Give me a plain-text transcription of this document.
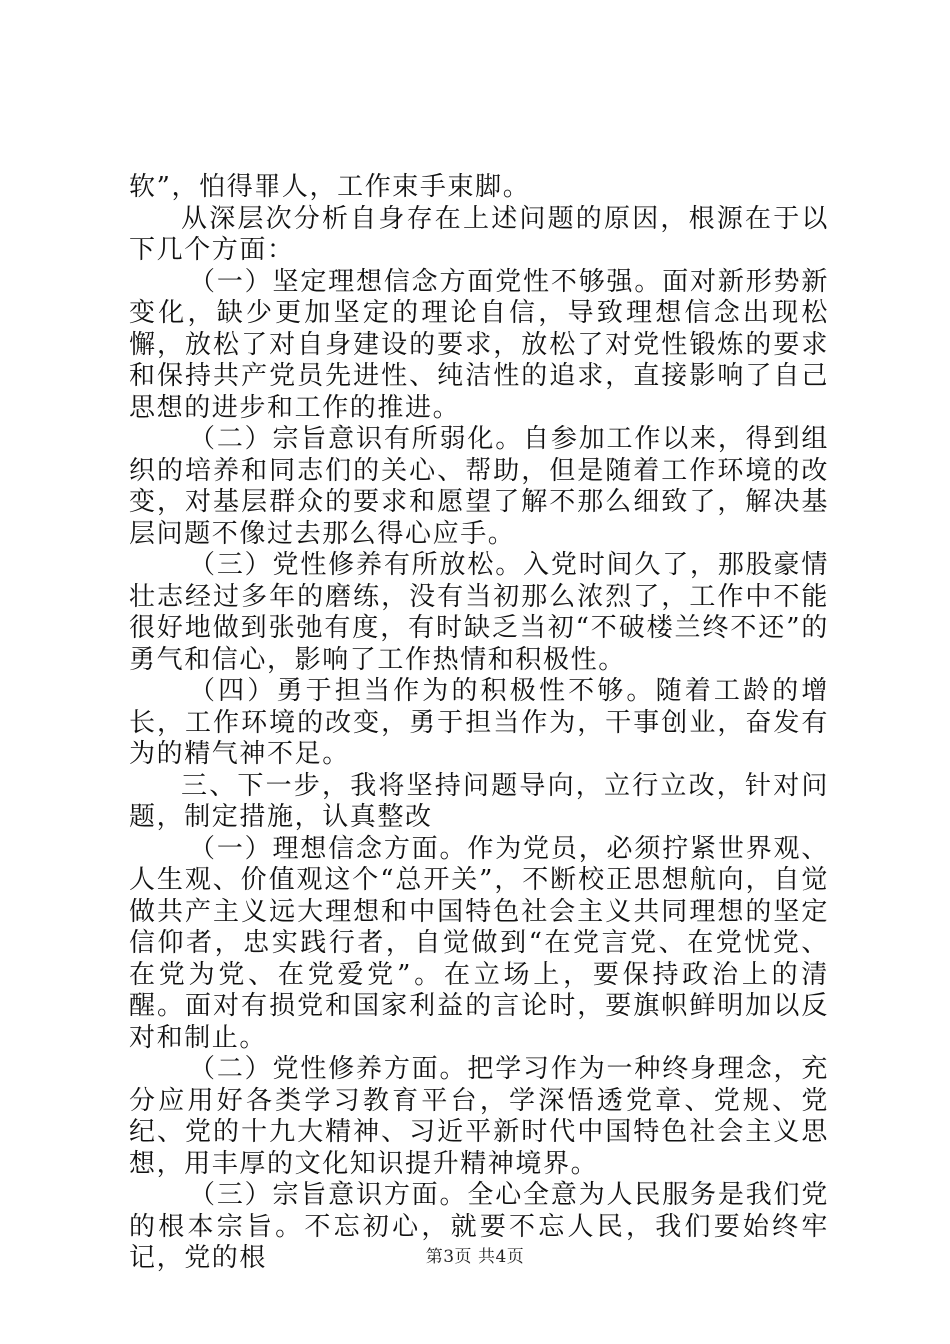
软”，怕得罪人，工作束手束脚。

从深层次分析自身存在上述问题的原因，根源在于以下几个方面：

（一）坚定理想信念方面党性不够强。面对新形势新变化，缺少更加坚定的理论自信，导致理想信念出现松懈，放松了对自身建设的要求，放松了对党性锻炼的要求和保持共产党员先进性、纯洁性的追求，直接影响了自己思想的进步和工作的推进。

（二）宗旨意识有所弱化。自参加工作以来，得到组织的培养和同志们的关心、帮助，但是随着工作环境的改变，对基层群众的要求和愿望了解不那么细致了，解决基层问题不像过去那么得心应手。

（三）党性修养有所放松。入党时间久了，那股豪情壮志经过多年的磨练，没有当初那么浓烈了，工作中不能很好地做到张弛有度，有时缺乏当初“不破楼兰终不还”的勇气和信心，影响了工作热情和积极性。

（四）勇于担当作为的积极性不够。随着工龄的增长，工作环境的改变，勇于担当作为，干事创业，奋发有为的精气神不足。

三、下一步，我将坚持问题导向，立行立改，针对问题，制定措施，认真整改

（一）理想信念方面。作为党员，必须拧紧世界观、人生观、价值观这个“总开关”，不断校正思想航向，自觉做共产主义远大理想和中国特色社会主义共同理想的坚定信仰者，忠实践行者，自觉做到“在党言党、在党忧党、在党为党、在党爱党”。在立场上，要保持政治上的清醒。面对有损党和国家利益的言论时，要旗帜鲜明加以反对和制止。

（二）党性修养方面。把学习作为一种终身理念，充分应用好各类学习教育平台，学深悟透党章、党规、党纪、党的十九大精神、习近平新时代中国特色社会主义思想，用丰厚的文化知识提升精神境界。

（三）宗旨意识方面。全心全意为人民服务是我们党的根本宗旨。不忘初心，就要不忘人民，我们要始终牢记，党的根	第3页 共4页
